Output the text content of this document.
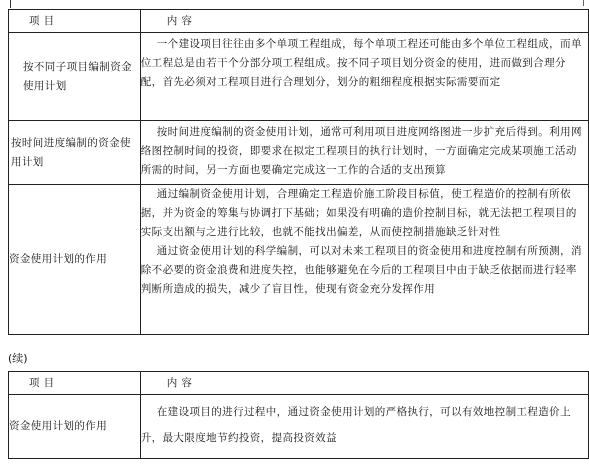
项 目	内 容
按不同子项目编制资金使用计划	一个建设项目往往由多个单项工程组成，每个单项工程还可能由多个单位工程组成，而单位工程总是由若干个分部分项工程组成。按不同子项目划分资金的使用，进而做到合理分配，首先必须对工程项目进行合理划分，划分的粗细程度根据实际需要而定

按时间进度编制的资金使用计划	按时间进度编制的资金使用计划，通常可利用项目进度网络图进一步扩充后得到。利用网络图控制时间的投资，即要求在拟定工程项目的执行计划时，一方面确定完成某项施工活动所需的时间，另一方面也要确定完成这一工作的合适的支出预算

资金使用计划的作用	通过编制资金使用计划，合理确定工程造价施工阶段目标值，使工程造价的控制有所依据，并为资金的筹集与协调打下基础；如果没有明确的造价控制目标，就无法把工程项目的实际支出额与之进行比较，也就不能找出偏差，从而使控制措施缺乏针对性

通过资金使用计划的科学编制，可以对未来工程项目的资金使用和进度控制有所预测，消除不必要的资金浪费和进度失控，也能够避免在今后的工程项目中由于缺乏依据而进行轻率判断所造成的损失，减少了盲目性，使现有资金充分发挥作用

(续)
项 目	内 容
资金使用计划的作用	在建设项目的进行过程中，通过资金使用计划的严格执行，可以有效地控制工程造价上升，最大限度地节约投资，提高投资效益
